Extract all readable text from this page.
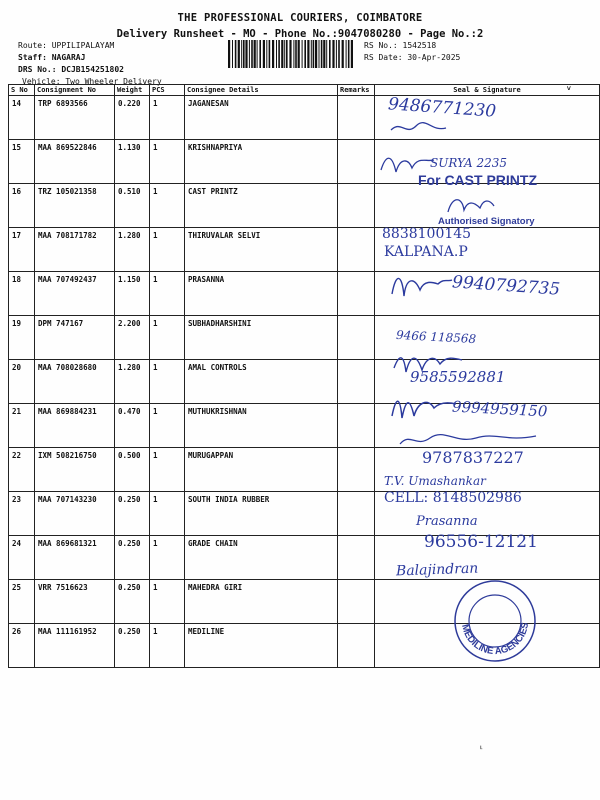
THE PROFESSIONAL COURIERS, COIMBATORE
Delivery Runsheet - MO - Phone No.:9047080280 - Page No.:2
Route: UPPILIPALAYAM
Staff: NAGARAJ
DRS No.: DCJB154251802
Vehicle: Two Wheeler Delivery
RS No.: 1542518
RS Date: 30-Apr-2025
S No	Consignment No	Weight	PCS	Consignee Details	Remarks	Seal & Signature ˅

14	TRP 6893566	0.220	1	JAGANESAN		
15	MAA 869522846	1.130	1	KRISHNAPRIYA		
16	TRZ 105021358	0.510	1	CAST PRINTZ		
17	MAA 708171782	1.280	1	THIRUVALAR SELVI		
18	MAA 707492437	1.150	1	PRASANNA		
19	DPM 747167	2.200	1	SUBHADHARSHINI		
20	MAA 708028680	1.280	1	AMAL CONTROLS		
21	MAA 869884231	0.470	1	MUTHUKRISHNAN		
22	IXM 508216750	0.500	1	MURUGAPPAN		
23	MAA 707143230	0.250	1	SOUTH INDIA RUBBER		
24	MAA 869681321	0.250	1	GRADE CHAIN		
25	VRR 7516623	0.250	1	MAHEDRA GIRI		
26	MAA 111161952	0.250	1	MEDILINE		
9486771230
SURYA 2235
For CAST PRINTZ
Authorised Signatory
8838100145
KALPANA.P
9940792735
9466 118568
9585592881
9994959150
9787837227
T.V. Umashankar
CELL: 8148502986
Prasanna
96556-12121
Balajindran
MEDILINE AGENCIES
⸤
